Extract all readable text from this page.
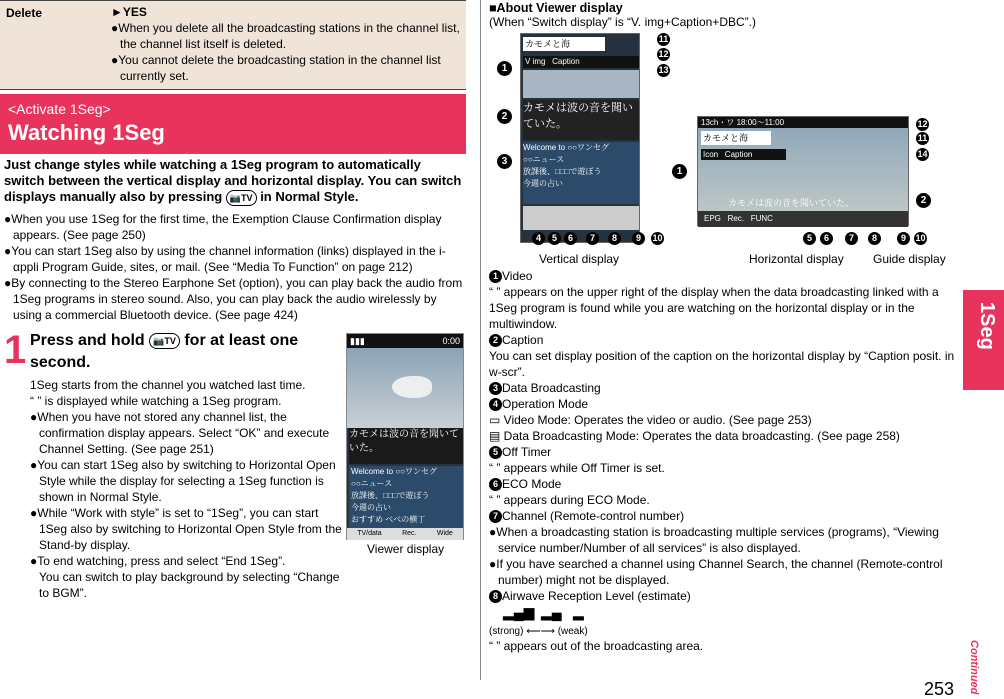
Delete	►YES
●When you delete all the broadcasting stations in the channel list, the channel list itself is deleted.
●You cannot delete the broadcasting station in the channel list currently set.
<Activate 1Seg>
Watching 1Seg
Just change styles while watching a 1Seg program to automatically switch between the vertical display and horizontal display. You can switch displays manually also by pressing 📷TV in Normal Style.
●When you use 1Seg for the first time, the Exemption Clause Confirmation display appears. (See page 250)
●You can start 1Seg also by using the channel information (links) displayed in the i-αppli Program Guide, sites, or mail. (See “Media To Function” on page 212)
●By connecting to the Stereo Earphone Set (option), you can play back the audio from 1Seg programs in stereo sound. Also, you can play back the audio wirelessly by using a commercial Bluetooth device. (See page 424)
1 Press and hold 📷TV for at least one second.
1Seg starts from the channel you watched last time.
“ ” is displayed while watching a 1Seg program.
●When you have not stored any channel list, the confirmation display appears. Select “OK” and execute Channel Setting. (See page 251)
●You can start 1Seg also by switching to Horizontal Open Style while the display for selecting a 1Seg function is shown in Normal Style.
●While “Work with style” is set to “1Seg”, you can start 1Seg also by switching to Horizontal Open Style from the Stand-by display.
●To end watching, press and select “End 1Seg”.
You can switch to play background by selecting “Change to BGM”.
▮▮▮	0:00
カモメは波の音を聞いていた。
Welcome to ○○ワンセグ
○○ニュース
放課後、□□□で遊ぼう
今週の占い
おすすめ べべの横丁
TV/data	Rec.	Wide
Viewer display
■About Viewer display
(When “Switch display” is “V. img+Caption+DBC”.)
カモメと海
V img Caption
カモメは波の音を聞いていた。
Welcome to ○○ワンセグ
○○ニュース
放課後、□□□で遊ぼう
今週の占い
1
2
3
11
12
13
4	5	6	7	8	9	10
Vertical display
13ch・ワ 18:00～11:00
カモメと海
Icon Caption
カモメは波の音を聞いていた。
EPG Rec. FUNC
1
2
12
11
14
5	6	7	8	9	10
Horizontal display Guide display
1 Video
“ ” appears on the upper right of the display when the data broadcasting linked with a 1Seg program is found while you are watching on the horizontal display or in the multiwindow.
2 Caption
You can set display position of the caption on the horizontal display by “Caption posit. in w-scr”.
3 Data Broadcasting
4 Operation Mode
▭ Video Mode: Operates the video or audio. (See page 253)
▤ Data Broadcasting Mode: Operates the data broadcasting. (See page 258)
5 Off Timer
“ ” appears while Off Timer is set.
6 ECO Mode
“ ” appears during ECO Mode.
7 Channel (Remote-control number)
●When a broadcasting station is broadcasting multiple services (programs), “Viewing service number/Number of all services” is also displayed.
●If you have searched a channel using Channel Search, the channel (Remote-control number) might not be displayed.
8 Airwave Reception Level (estimate)
▂▄▆ ▂▄ ▂
(strong) ⟵⟶ (weak)
“ ” appears out of the broadcasting area.
1Seg
Continued
253
